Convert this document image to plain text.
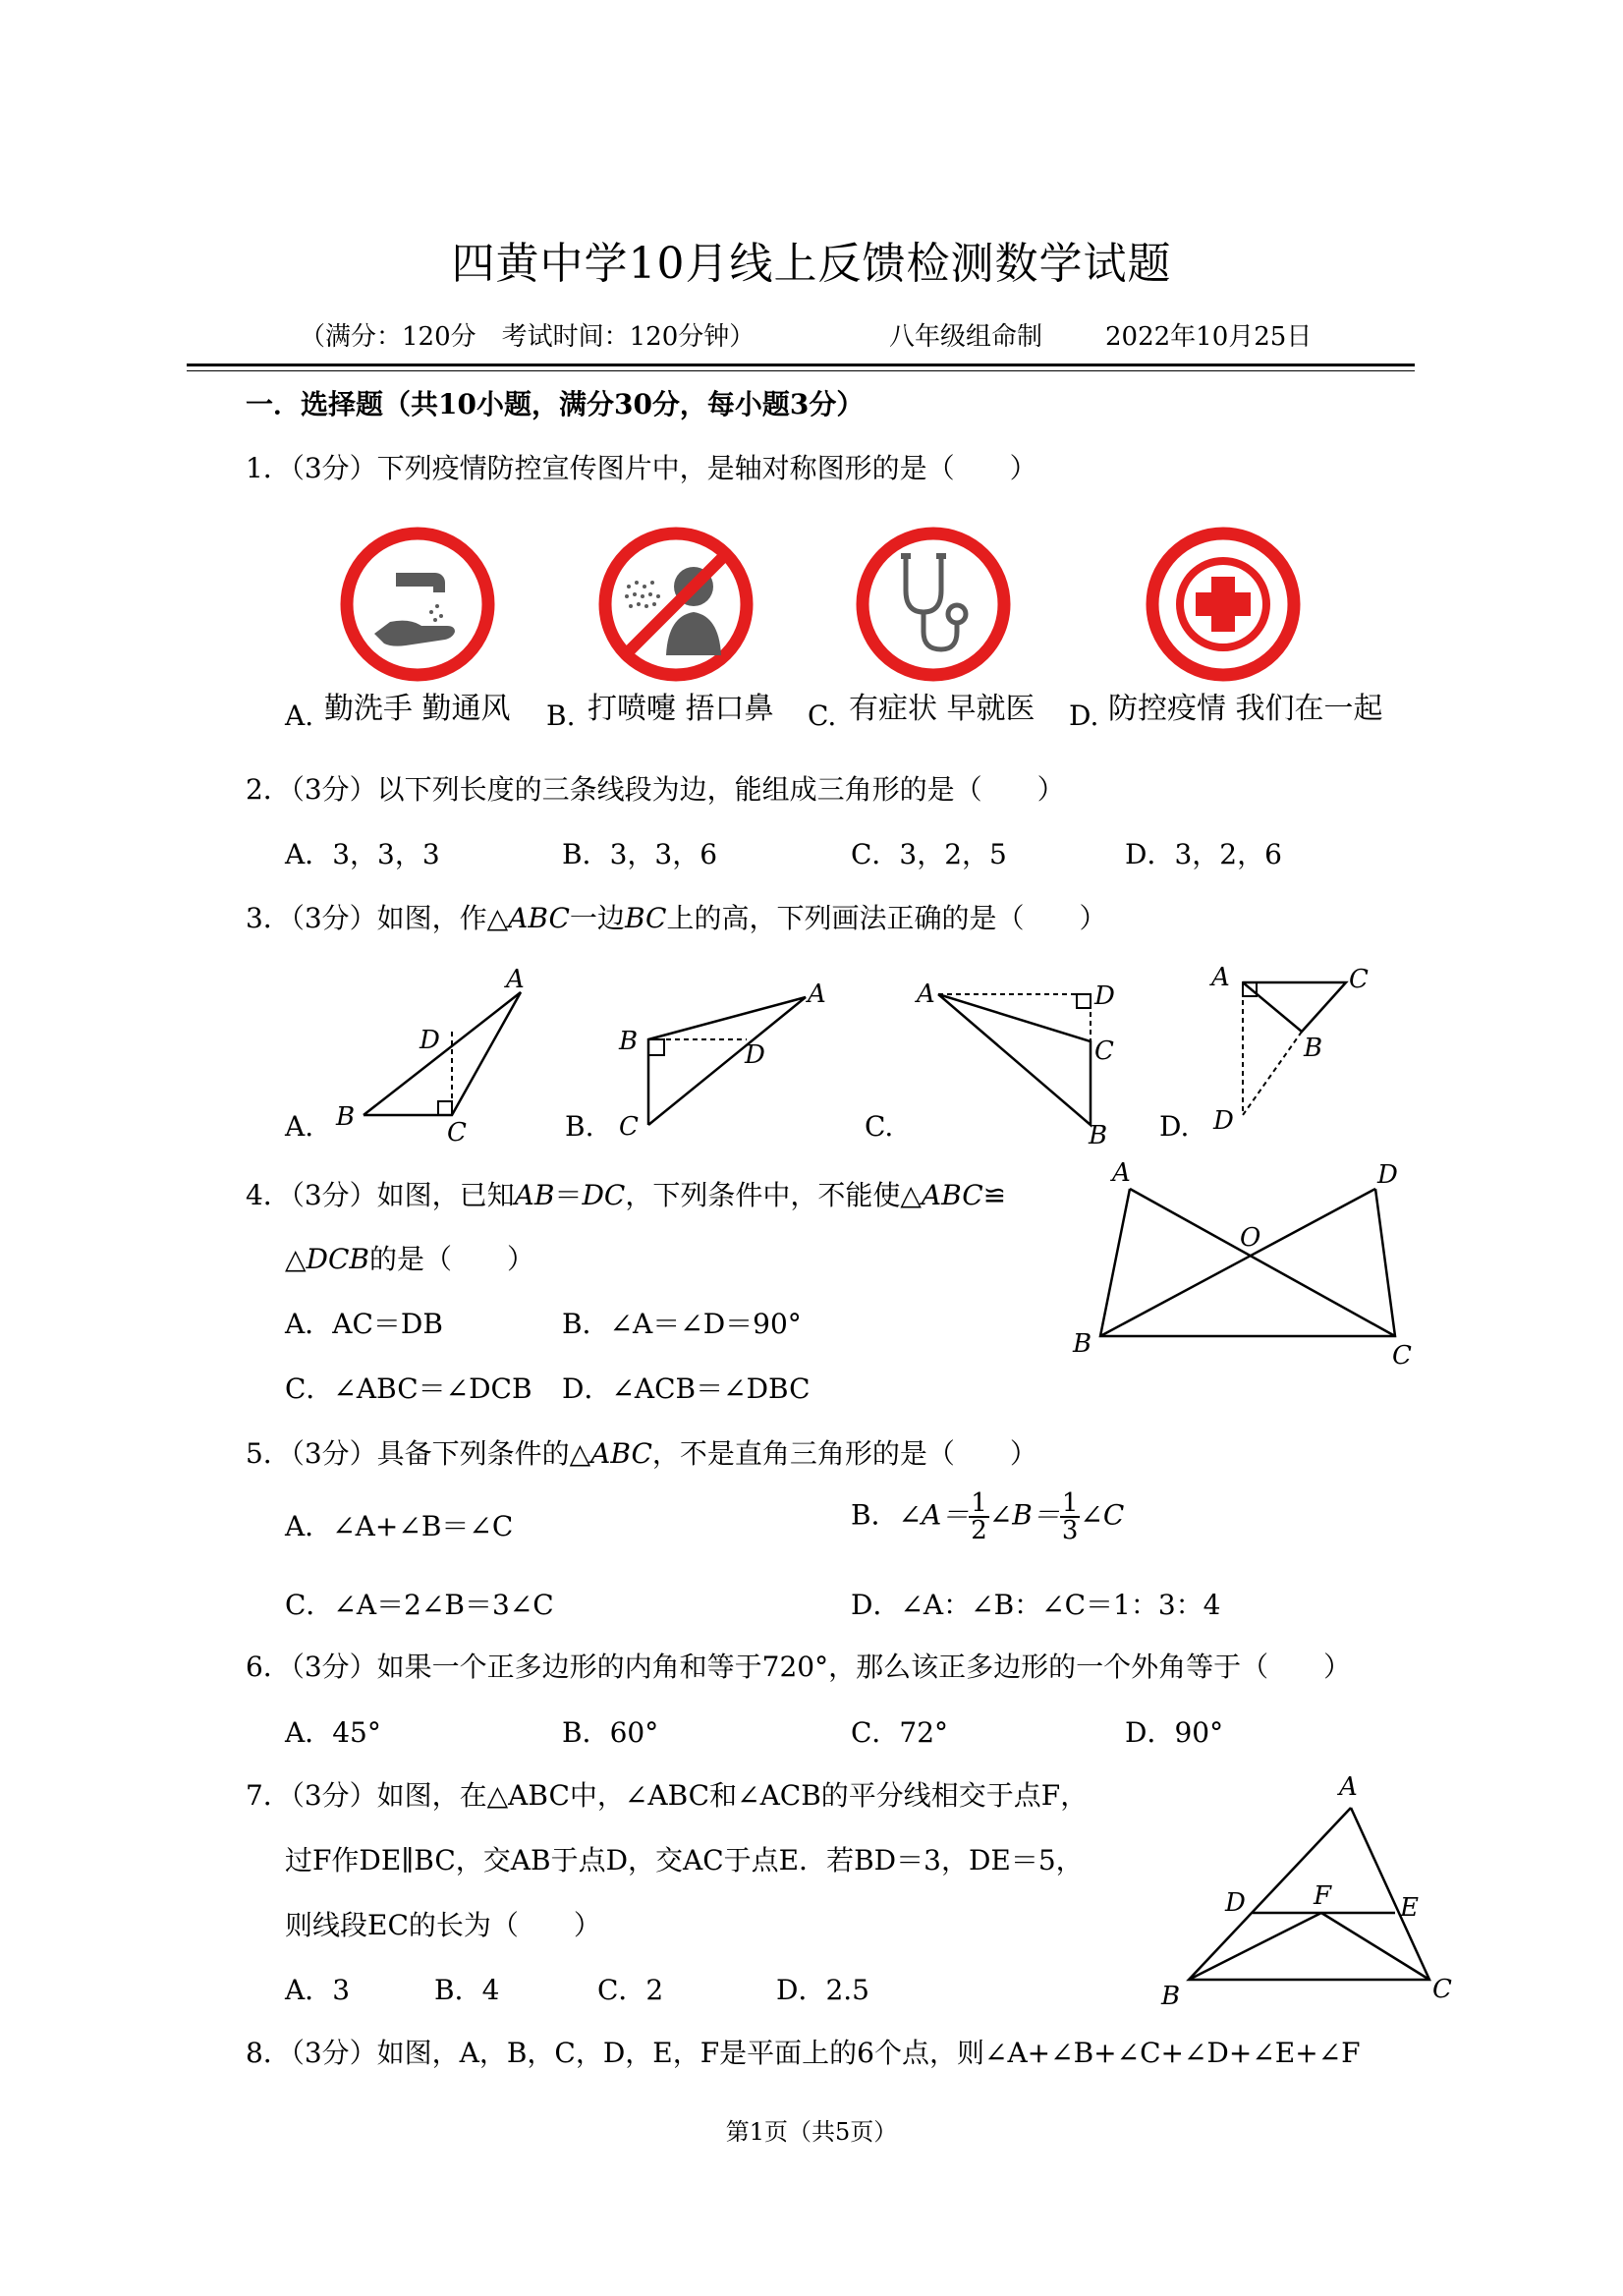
四黄中学10月线上反馈检测数学试题
（满分：120分　考试时间：120分钟）	八年级组命制 2022年10月25日
一．选择题（共10小题，满分30分，每小题3分）
1．（3分）下列疫情防控宣传图片中，是轴对称图形的是（　　）
A. 勤洗手 勤通风 B. 打喷嚏 捂口鼻 C. 有症状 早就医 D. 防控疫情 我们在一起
2．（3分）以下列长度的三条线段为边，能组成三角形的是（　　）
A．3，3，3	B．3，3，6	C．3，2，5	D．3，2，6
3．（3分）如图，作△ABC一边BC上的高，下列画法正确的是（　　）
A.
A
D
B
C	B.
A
B	D
C	C.
A	D
C
B D.
A	C
B
D
4．（3分）如图，已知AB＝DC，下列条件中，不能使△ABC≌
△DCB的是（　　）
A．AC＝DB	B．∠A＝∠D＝90°
C．∠ABC＝∠DCB D．∠ACB＝∠DBC
A	D
O
B	C
5．（3分）具备下列条件的△ABC，不是直角三角形的是（　　）
A．∠A+∠B＝∠C	B．∠A＝ $\frac{1}{2}$ ∠B＝ $\frac{1}{3}$ ∠C
C．∠A＝2∠B＝3∠C	D．∠A：∠B：∠C＝1：3：4
6．（3分）如果一个正多边形的内角和等于720°，那么该正多边形的一个外角等于（　　）
A．45°	B．60°	C．72°	D．90°
7．（3分）如图，在△ABC中，∠ABC和∠ACB的平分线相交于点F，
过F作DE∥BC，交AB于点D，交AC于点E．若BD＝3，DE＝5，
则线段EC的长为（　　）
A．3	B．4	C．2	D．2.5
A
D	F	E
B	C
8．（3分）如图，A，B，C，D，E，F是平面上的6个点，则∠A+∠B+∠C+∠D+∠E+∠F
第1页（共5页）
